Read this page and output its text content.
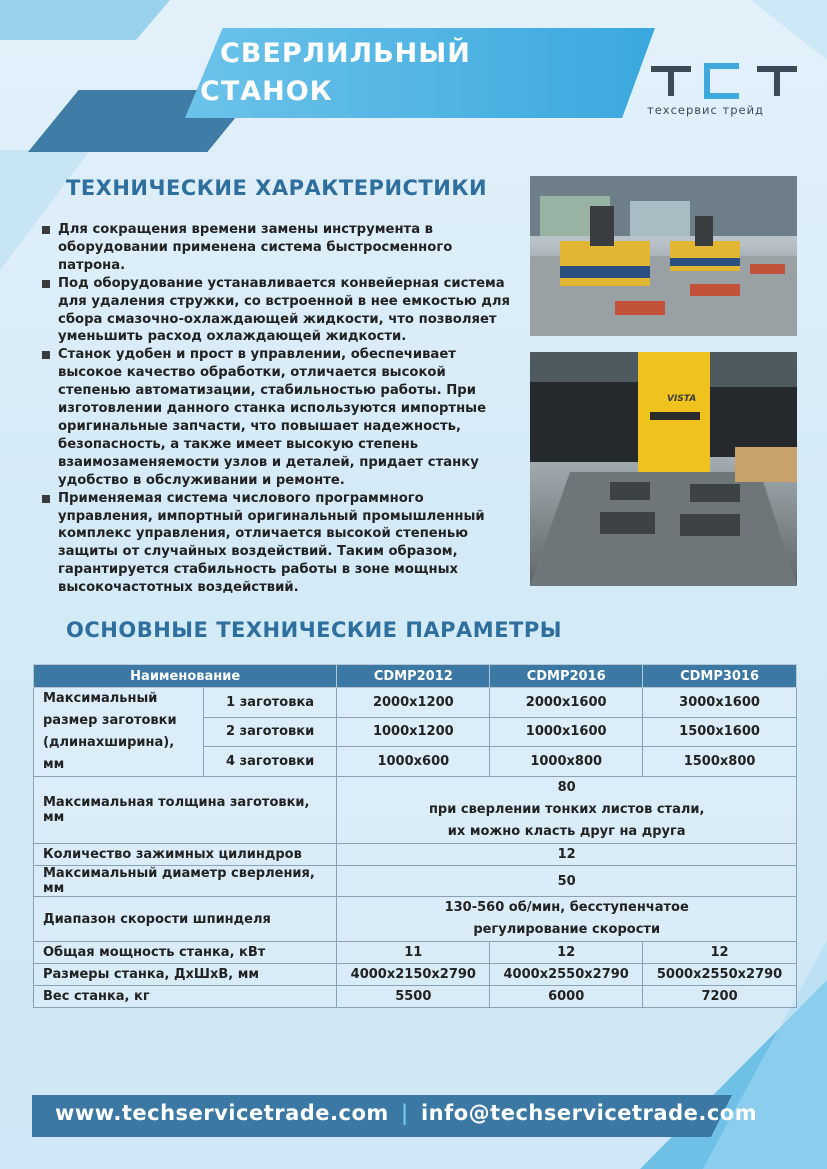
СВЕРЛИЛЬНЫЙ
СТАНОК
TCT
техсервис трейд
ТЕХНИЧЕСКИЕ ХАРАКТЕРИСТИКИ
Для сокращения времени замены инструмента в оборудовании применена система быстросменного патрона.
Под оборудование устанавливается конвейерная система для удаления стружки, со встроенной в нее емкостью для сбора смазочно-охлаждающей жидкости, что позволяет уменьшить расход охлаждающей жидкости.
Станок удобен и прост в управлении, обеспечивает высокое качество обработки, отличается высокой степенью автоматизации, стабильностью работы. При изготовлении данного станка используются импортные оригинальные запчасти, что повышает надежность, безопасность, а также имеет высокую степень взаимозаменяемости узлов и деталей, придает станку удобство в обслуживании и ремонте.
Применяемая система числового программного управления, импортный оригинальный промышленный комплекс управления, отличается высокой степенью защиты от случайных воздействий. Таким образом, гарантируется стабильность работы в зоне мощных высокочастотных воздействий.
VISTA
ОСНОВНЫЕ ТЕХНИЧЕСКИЕ ПАРАМЕТРЫ
Наименование		CDMP2012	CDMP2016	CDMP3016
Максимальный
размер заготовки
(длинаxширина), мм	1 заготовка	2000x1200	2000x1600	3000x1600
	2 заготовки	1000x1200	1000x1600	1500x1600
	4 заготовки	1000x600	1000x800	1500x800
Максимальная толщина заготовки, мм		80
при сверлении тонких листов стали,
их можно класть друг на друга		
Количество зажимных цилиндров		12		
Максимальный диаметр сверления, мм		50		
Диапазон скорости шпинделя		130-560 об/мин, бесступенчатое
регулирование скорости		
Общая мощность станка, кВт		11	12	12
Размеры станка, ДхШхВ, мм		4000x2150x2790	4000x2550x2790	5000x2550x2790
Вес станка, кг		5500	6000	7200
www.techservicetrade.com | info@techservicetrade.com
